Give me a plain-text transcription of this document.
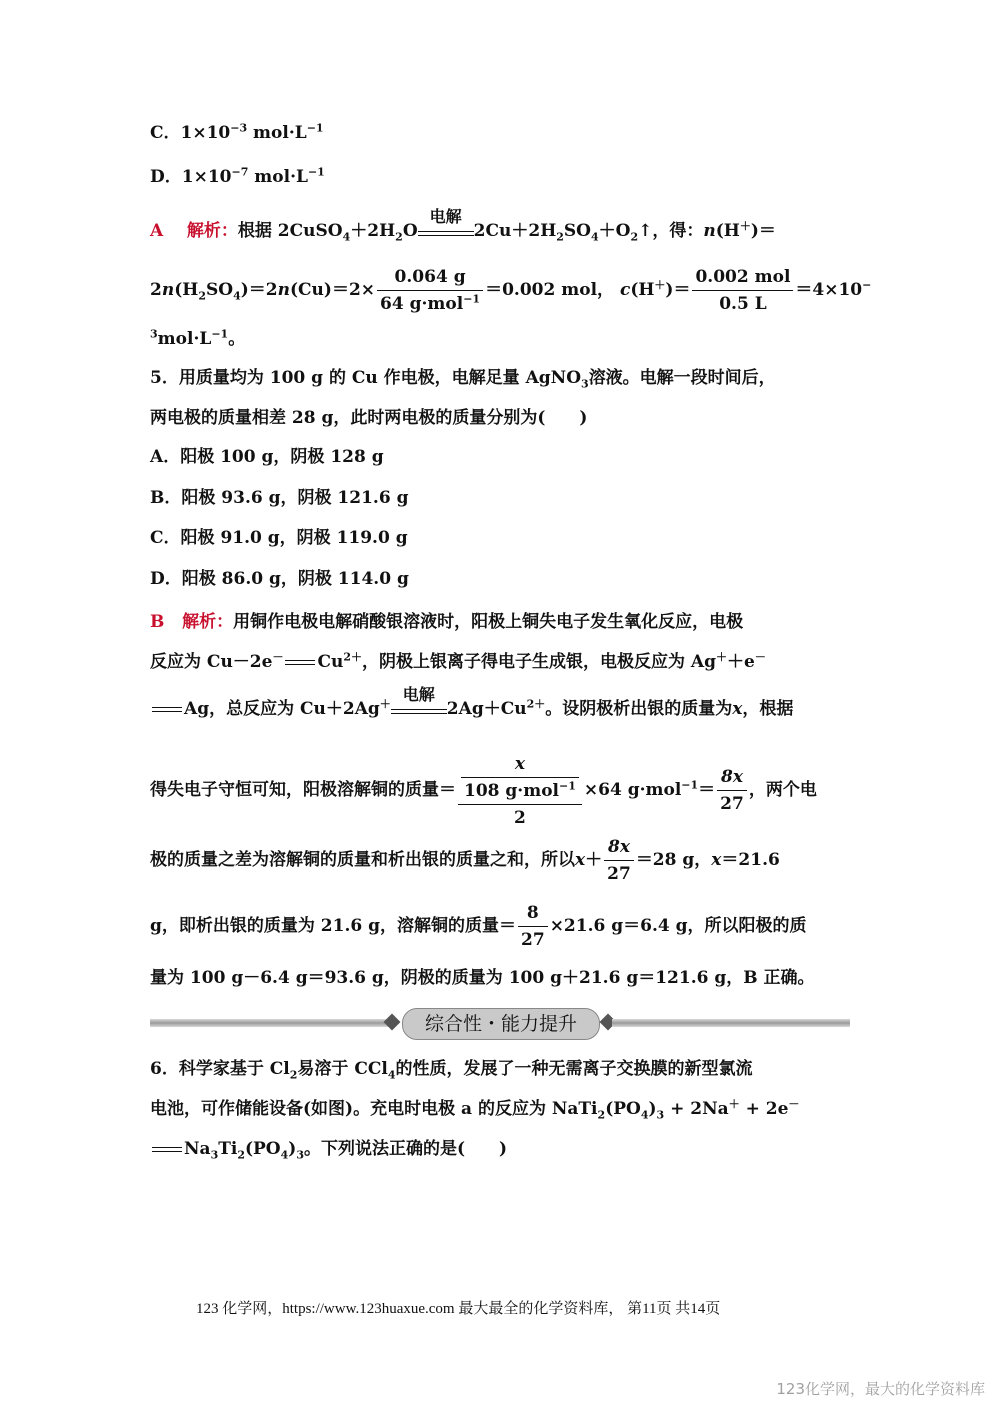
C．$1\times 10^{-3}$ $mol\cdot L^{-1}$
D．$1\times 10^{-7}$ $mol\cdot L^{-1}$
A 解析：根据 $2CuSO_4+2H_2O$
电解
$2Cu+2H_2SO_4+O_2↑$，得：n(H＋)＝
$2n(H_2SO_4)=2n(Cu)=2\times \frac{0.064 g}{64 g\cdot mol^{-1}} =0.002$ mol， $c(H^+)= \frac{\text{0.002 mol}}{0.5 L} =4\times 10^-$
$^3mol\cdot L^{-1}$。
5．用质量均为 100 g 的 Cu 作电极，电解足量 AgNO$_3$溶液。电解一段时间后，
两电极的质量相差 28 g，此时两电极的质量分别为(　　)
A．阳极 100 g，阴极 128 g
B．阳极 93.6 g，阴极 121.6 g
C．阳极 91.0 g，阴极 119.0 g
D．阳极 86.0 g，阴极 114.0 g
B 解析：用铜作电极电解硝酸银溶液时，阳极上铜失电子发生氧化反应，电极
反应为 Cu－2e－ $Cu^{2+}$，阴极上银离子得电子生成银，电极反应为 Ag＋＋e－
Ag，总反应为 Cu＋2Ag＋ 电解
$2Ag+Cu^{2+}$。设阴极析出银的质量为x，根据
得失电子守恒可知，阳极溶解铜的质量＝ $\frac{\frac{x}{108 g\cdot mol^{-1}}}{2} \times 64$ $g\cdot mol^{-1}= \frac{8x}{27}$ ，两个电
极的质量之差为溶解铜的质量和析出银的质量之和，所以$x+ \frac{8x}{27} =28$ g，x＝21.6
g，即析出银的质量为 21.6 g，溶解铜的质量＝ $\frac{8}{27} \times 21.6$ g＝6.4 g，所以阳极的质
量为 100 g－6.4 g＝93.6 g，阴极的质量为 100 g＋21.6 g＝121.6 g，B 正确。
综合性・能力提升
6．科学家基于 $Cl_2$易溶于 CCl$_4$的性质，发展了一种无需离子交换膜的新型氯流
电池，可作储能设备(如图)。充电时电极 a 的反应为 $NaTi_2(PO_4)_3 + 2Na^+ + 2e^-$
$Na_3Ti_2(PO_4)_3$。下列说法正确的是(　　)
123 化学网，https://www.123huaxue.com 最大最全的化学资料库， 第11页 共14页
123化学网，最大的化学资料库
